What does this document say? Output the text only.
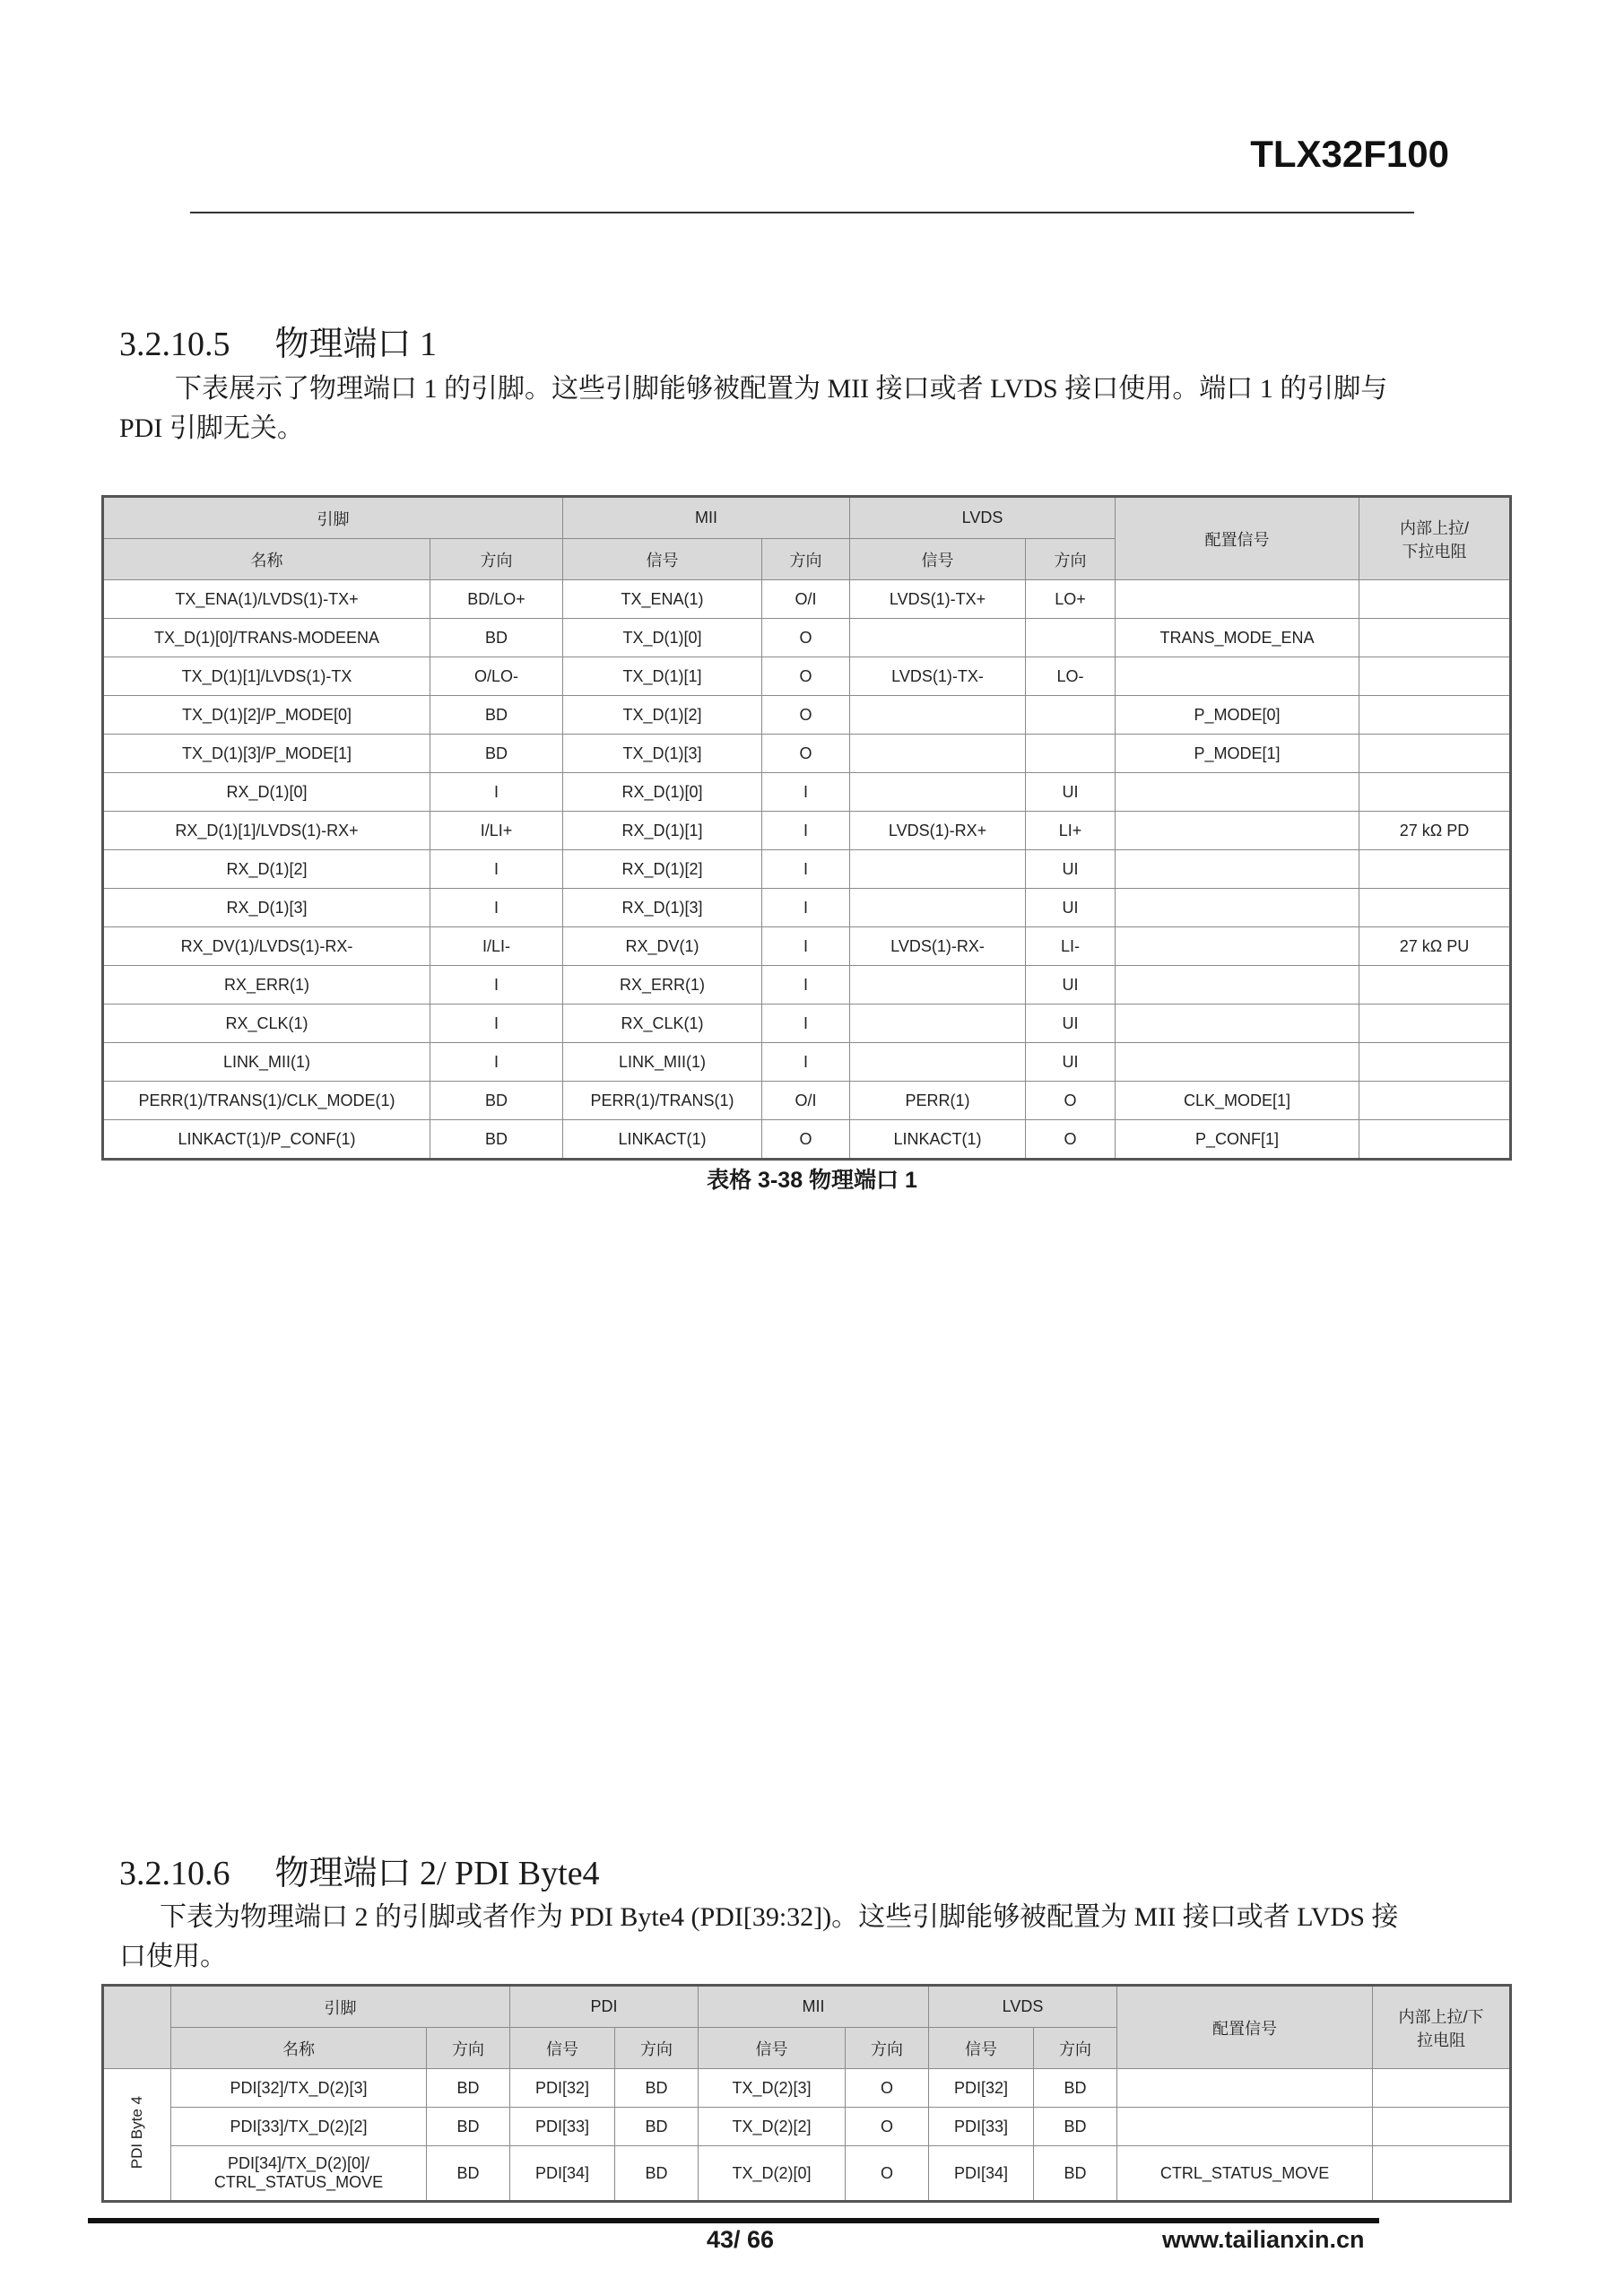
TLX32F100
3.2.10.5 物理端口 1
下表展示了物理端口 1 的引脚。这些引脚能够被配置为 MII 接口或者 LVDS 接口使用。端口 1 的引脚与
PDI 引脚无关。
引脚		MII		LVDS		配置信号	内部上拉/
下拉电阻

名称	方向	信号	方向	信号	方向		
TX_ENA(1)/LVDS(1)-TX+	BD/LO+	TX_ENA(1)	O/I	LVDS(1)-TX+	LO+		
TX_D(1)[0]/TRANS-MODEENA	BD	TX_D(1)[0]	O			TRANS_MODE_ENA	
TX_D(1)[1]/LVDS(1)-TX	O/LO-	TX_D(1)[1]	O	LVDS(1)-TX-	LO-		
TX_D(1)[2]/P_MODE[0]	BD	TX_D(1)[2]	O			P_MODE[0]	
TX_D(1)[3]/P_MODE[1]	BD	TX_D(1)[3]	O			P_MODE[1]	
RX_D(1)[0]	I	RX_D(1)[0]	I		UI		
RX_D(1)[1]/LVDS(1)-RX+	I/LI+	RX_D(1)[1]	I	LVDS(1)-RX+	LI+		27 kΩ PD
RX_D(1)[2]	I	RX_D(1)[2]	I		UI		
RX_D(1)[3]	I	RX_D(1)[3]	I		UI		
RX_DV(1)/LVDS(1)-RX-	I/LI-	RX_DV(1)	I	LVDS(1)-RX-	LI-		27 kΩ PU
RX_ERR(1)	I	RX_ERR(1)	I		UI		
RX_CLK(1)	I	RX_CLK(1)	I		UI		
LINK_MII(1)	I	LINK_MII(1)	I		UI		
PERR(1)/TRANS(1)/CLK_MODE(1)	BD	PERR(1)/TRANS(1)	O/I	PERR(1)	O	CLK_MODE[1]	
LINKACT(1)/P_CONF(1)	BD	LINKACT(1)	O	LINKACT(1)	O	P_CONF[1]	
表格 3-38 物理端口 1
3.2.10.6 物理端口 2/ PDI Byte4
下表为物理端口 2 的引脚或者作为 PDI Byte4 (PDI[39:32])。这些引脚能够被配置为 MII 接口或者 LVDS 接
口使用。
	引脚		PDI		MII		LVDS		配置信号	内部上拉/下
拉电阻

	名称	方向	信号	方向	信号	方向	信号	方向		
PDI Byte 4	PDI[32]/TX_D(2)[3]	BD	PDI[32]	BD	TX_D(2)[3]	O	PDI[32]	BD		

	PDI[33]/TX_D(2)[2]	BD	PDI[33]	BD	TX_D(2)[2]	O	PDI[33]	BD		

	PDI[34]/TX_D(2)[0]/
CTRL_STATUS_MOVE	BD	PDI[34]	BD	TX_D(2)[0]	O	PDI[34]	BD	CTRL_STATUS_MOVE	
43/ 66	www.tailianxin.cn
